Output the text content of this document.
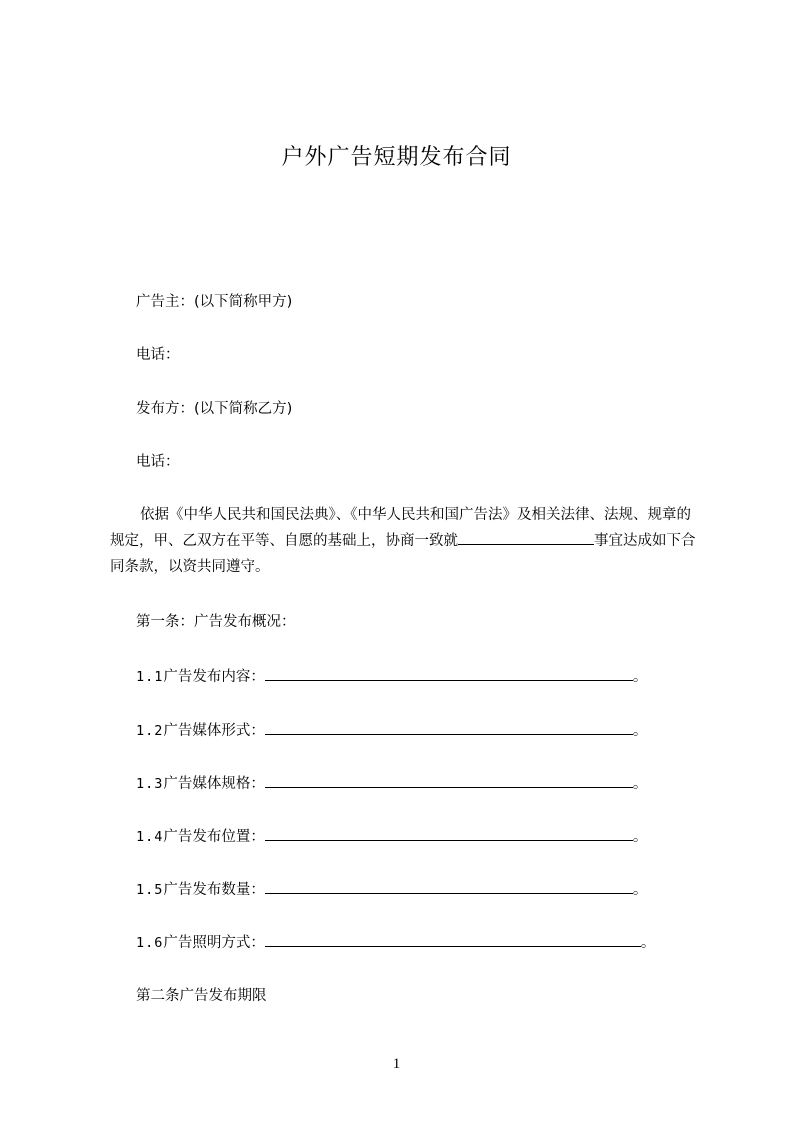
户外广告短期发布合同
广告主：(以下简称甲方)
电话：
发布方：(以下简称乙方)
电话：
依据《中华人民共和国民法典》、《中华人民共和国广告法》及相关法律、法规、规章的规定，甲、乙双方在平等、自愿的基础上，协商一致就	事宜达成如下合同条款，以资共同遵守。
第一条：广告发布概况：
1.1广告发布内容：	。
1.2广告媒体形式：	。
1.3广告媒体规格：	。
1.4广告发布位置：	。
1.5广告发布数量：	。
1.6广告照明方式：	。
第二条广告发布期限
1
